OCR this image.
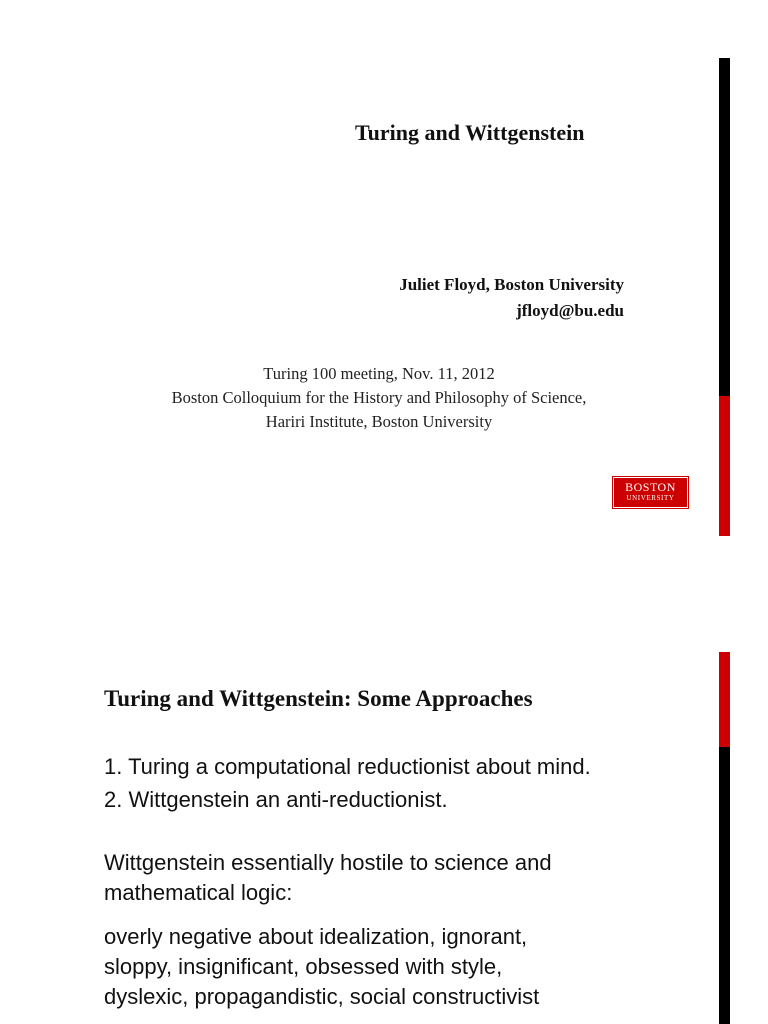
Turing and Wittgenstein
Juliet Floyd, Boston University
jfloyd@bu.edu
Turing 100 meeting, Nov. 11, 2012
Boston Colloquium for the History and Philosophy of Science,
Hariri Institute, Boston University
BOSTON
UNIVERSITY
Turing and Wittgenstein: Some Approaches
1. Turing a computational reductionist about mind.
2. Wittgenstein an anti-reductionist.
Wittgenstein essentially hostile to science and
mathematical logic:
overly negative about idealization, ignorant,
sloppy, insignificant, obsessed with style,
dyslexic, propagandistic, social constructivist
